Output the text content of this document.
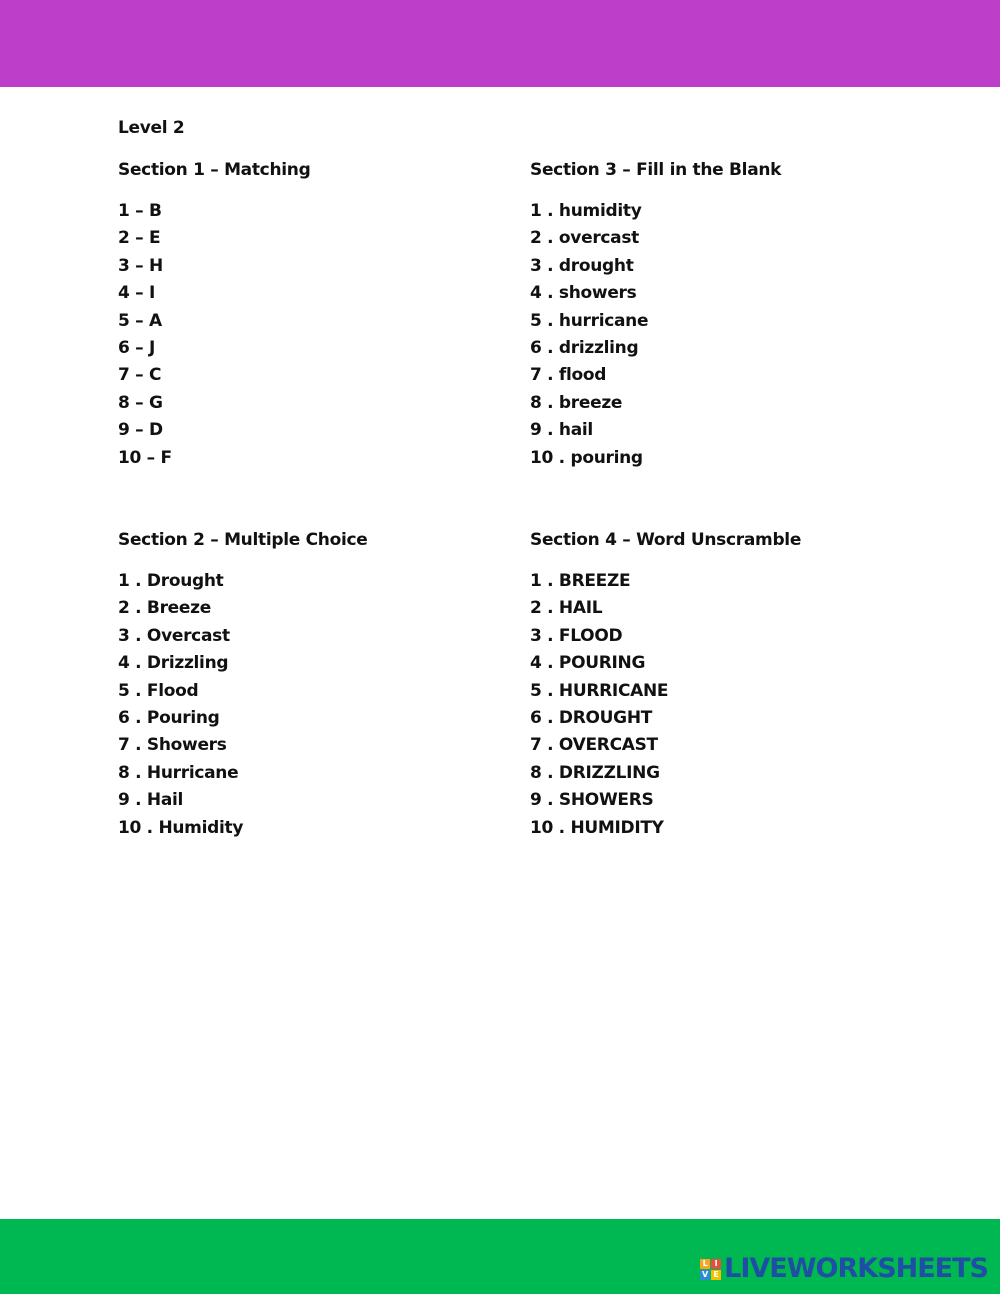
Level 2
Section 1 – Matching
1 – B
2 – E
3 – H
4 – I
5 – A
6 – J
7 – C
8 – G
9 – D
10 – F
Section 3 – Fill in the Blank
1 . humidity
2 . overcast
3 . drought
4 . showers
5 . hurricane
6 . drizzling
7 . flood
8 . breeze
9 . hail
10 . pouring
Section 2 – Multiple Choice
1 . Drought
2 . Breeze
3 . Overcast
4 . Drizzling
5 . Flood
6 . Pouring
7 . Showers
8 . Hurricane
9 . Hail
10 . Humidity
Section 4 – Word Unscramble
1 . BREEZE
2 . HAIL
3 . FLOOD
4 . POURING
5 . HURRICANE
6 . DROUGHT
7 . OVERCAST
8 . DRIZZLING
9 . SHOWERS
10 . HUMIDITY
L I
V E LIVEWORKSHEETS
